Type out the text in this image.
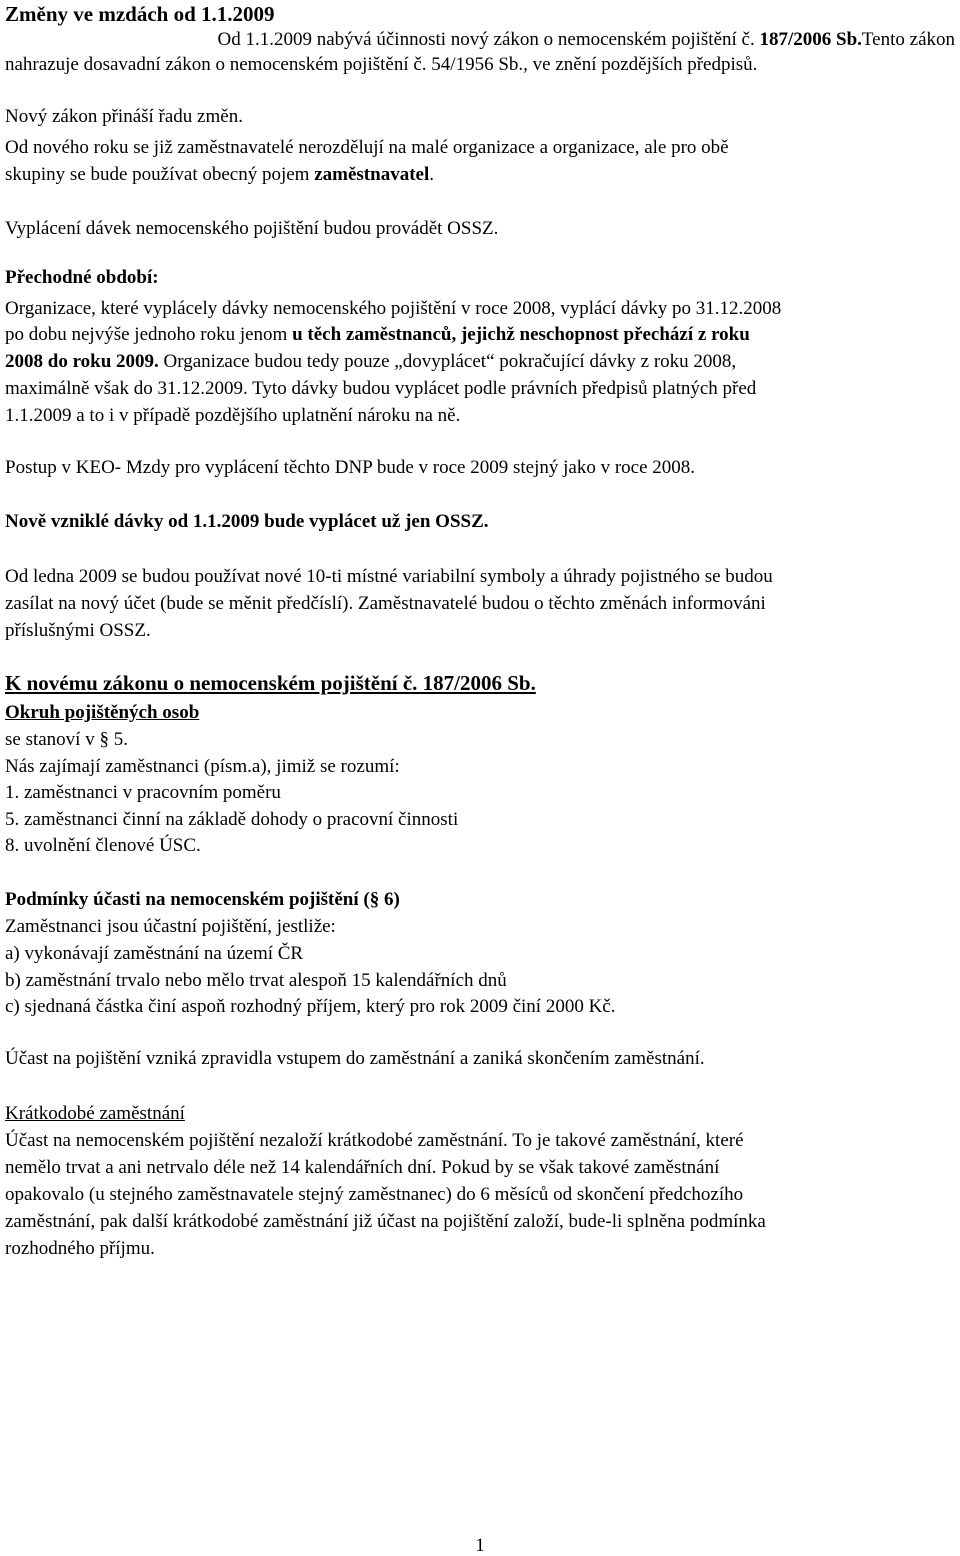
Změny ve mzdách od 1.1.2009
Od 1.1.2009 nabývá účinnosti nový zákon o nemocenském pojištění č. 187/2006 Sb. Tento zákon
nahrazuje dosavadní zákon o nemocenském pojištění č. 54/1956 Sb., ve znění pozdějších předpisů.
Nový zákon přináší řadu změn.
Od nového roku se již zaměstnavatelé nerozdělují na malé organizace a organizace, ale pro obě
skupiny se bude používat obecný pojem zaměstnavatel.
Vyplácení dávek nemocenského pojištění budou provádět OSSZ.
Přechodné období:
Organizace, které vyplácely dávky nemocenského pojištění v roce 2008, vyplácí dávky po 31.12.2008
po dobu nejvýše jednoho roku jenom u těch zaměstnanců, jejichž neschopnost přechází z roku
2008 do roku 2009. Organizace budou tedy pouze „dovyplácet“ pokračující dávky z roku 2008,
maximálně však do 31.12.2009. Tyto dávky budou vyplácet podle právních předpisů platných před
1.1.2009 a to i v případě pozdějšího uplatnění nároku na ně.
Postup v KEO- Mzdy pro vyplácení těchto DNP bude v roce 2009 stejný jako v roce 2008.
Nově vzniklé dávky od 1.1.2009 bude vyplácet už jen OSSZ.
Od ledna 2009 se budou používat nové 10-ti místné variabilní symboly a úhrady pojistného se budou
zasílat na nový účet (bude se měnit předčíslí). Zaměstnavatelé budou o těchto změnách informováni
příslušnými OSSZ.
K novému zákonu o nemocenském pojištění č. 187/2006 Sb.
Okruh pojištěných osob
se stanoví v § 5.
Nás zajímají zaměstnanci (písm.a), jimiž se rozumí:
1. zaměstnanci v pracovním poměru
5. zaměstnanci činní na základě dohody o pracovní činnosti
8. uvolnění členové ÚSC.
Podmínky účasti na nemocenském pojištění (§ 6)
Zaměstnanci jsou účastní pojištění, jestliže:
a) vykonávají zaměstnání na území ČR
b) zaměstnání trvalo nebo mělo trvat alespoň 15 kalendářních dnů
c) sjednaná částka činí aspoň rozhodný příjem, který pro rok 2009 činí 2000 Kč.
Účast na pojištění vzniká zpravidla vstupem do zaměstnání a zaniká skončením zaměstnání.
Krátkodobé zaměstnání
Účast na nemocenském pojištění nezaloží krátkodobé zaměstnání. To je takové zaměstnání, které
nemělo trvat a ani netrvalo déle než 14 kalendářních dní. Pokud by se však takové zaměstnání
opakovalo (u stejného zaměstnavatele stejný zaměstnanec) do 6 měsíců od skončení předchozího
zaměstnání, pak další krátkodobé zaměstnání již účast na pojištění založí, bude-li splněna podmínka
rozhodného příjmu.
1
